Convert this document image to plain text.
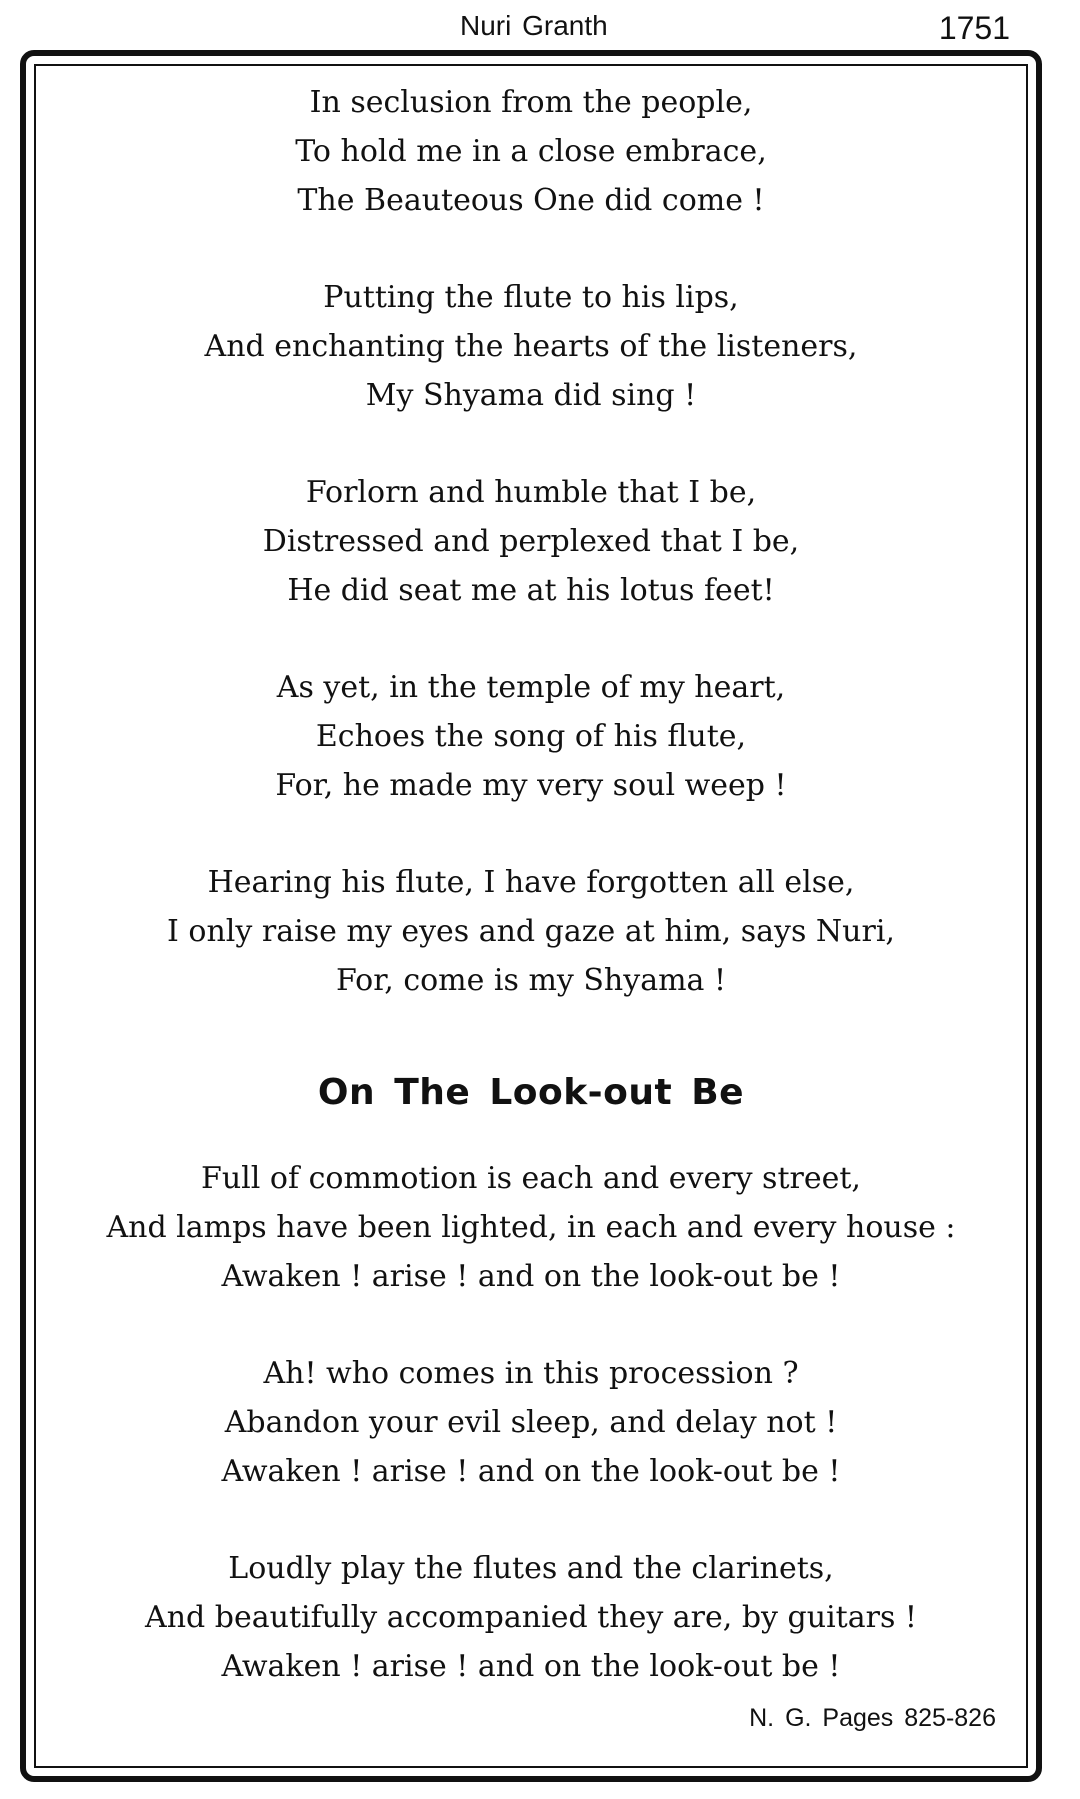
Nuri Granth	1751
In seclusion from the people,
To hold me in a close embrace,
The Beauteous One did come !
Putting the flute to his lips,
And enchanting the hearts of the listeners,
My Shyama did sing !
Forlorn and humble that I be,
Distressed and perplexed that I be,
He did seat me at his lotus feet!
As yet, in the temple of my heart,
Echoes the song of his flute,
For, he made my very soul weep !
Hearing his flute, I have forgotten all else,
I only raise my eyes and gaze at him, says Nuri,
For, come is my Shyama !
On The Look-out Be
Full of commotion is each and every street,
And lamps have been lighted, in each and every house :
Awaken ! arise ! and on the look-out be !
Ah! who comes in this procession ?
Abandon your evil sleep, and delay not !
Awaken ! arise ! and on the look-out be !
Loudly play the flutes and the clarinets,
And beautifully accompanied they are, by guitars !
Awaken ! arise ! and on the look-out be !
N. G. Pages 825-826
